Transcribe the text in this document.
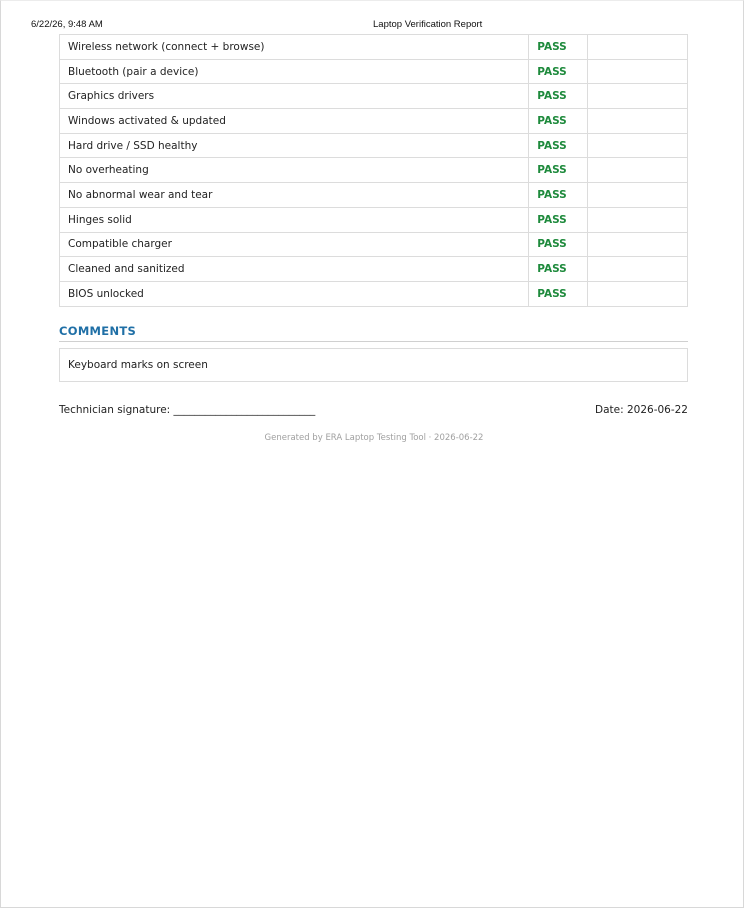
6/22/26, 9:48 AM	Laptop Verification Report
Wireless network (connect + browse)	PASS	
Bluetooth (pair a device)	PASS	
Graphics drivers	PASS	
Windows activated & updated	PASS	
Hard drive / SSD healthy	PASS	
No overheating	PASS	
No abnormal wear and tear	PASS	
Hinges solid	PASS	
Compatible charger	PASS	
Cleaned and sanitized	PASS	
BIOS unlocked	PASS	
COMMENTS
Keyboard marks on screen
Technician signature: ___________________________	Date: 2026-06-22
Generated by ERA Laptop Testing Tool · 2026-06-22
